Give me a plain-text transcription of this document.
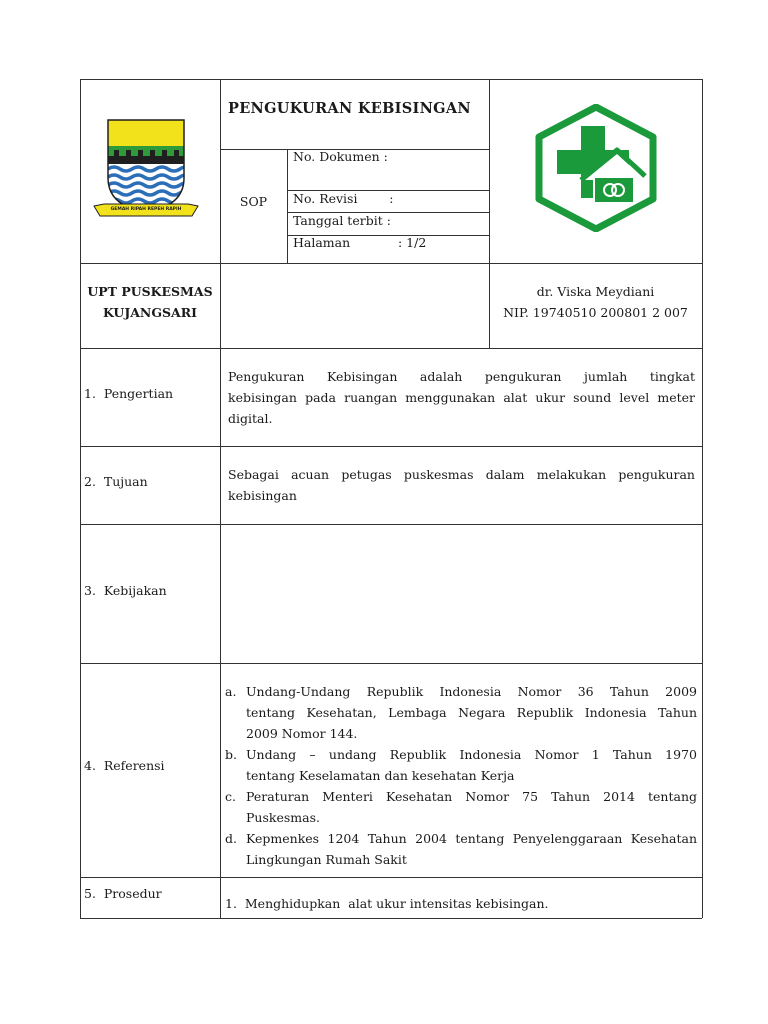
GEMAH RIPAH REPEH RAPIH
PENGUKURAN KEBISINGAN
SOP
No. Dokumen :
No. Revisi        :
Tanggal terbit :
Halaman	: 1/2
UPT PUSKESMAS
KUJANGSARI
dr. Viska Meydiani
NIP. 19740510 200801 2 007
1.  Pengertian
Pengukuran   Kebisingan   adalah   pengukuran   jumlah   tingkat
kebisingan pada ruangan menggunakan alat ukur sound level meter
digital.
2.  Tujuan	Sebagai  acuan  petugas  puskesmas  dalam  melakukan  pengukuran
kebisingan
3.  Kebijakan
4.  Referensi
a. Undang-Undang  Republik  Indonesia  Nomor  36  Tahun  2009
tentang Kesehatan, Lembaga Negara Republik Indonesia Tahun
2009 Nomor 144.
b. Undang  –  undang  Republik  Indonesia  Nomor  1  Tahun  1970
tentang Keselamatan dan kesehatan Kerja
c. Peraturan  Menteri  Kesehatan  Nomor  75  Tahun  2014  tentang
Puskesmas.
d. Kepmenkes 1204 Tahun 2004 tentang Penyelenggaraan Kesehatan
Lingkungan Rumah Sakit
5.  Prosedur
1.  Menghidupkan  alat ukur intensitas kebisingan.
